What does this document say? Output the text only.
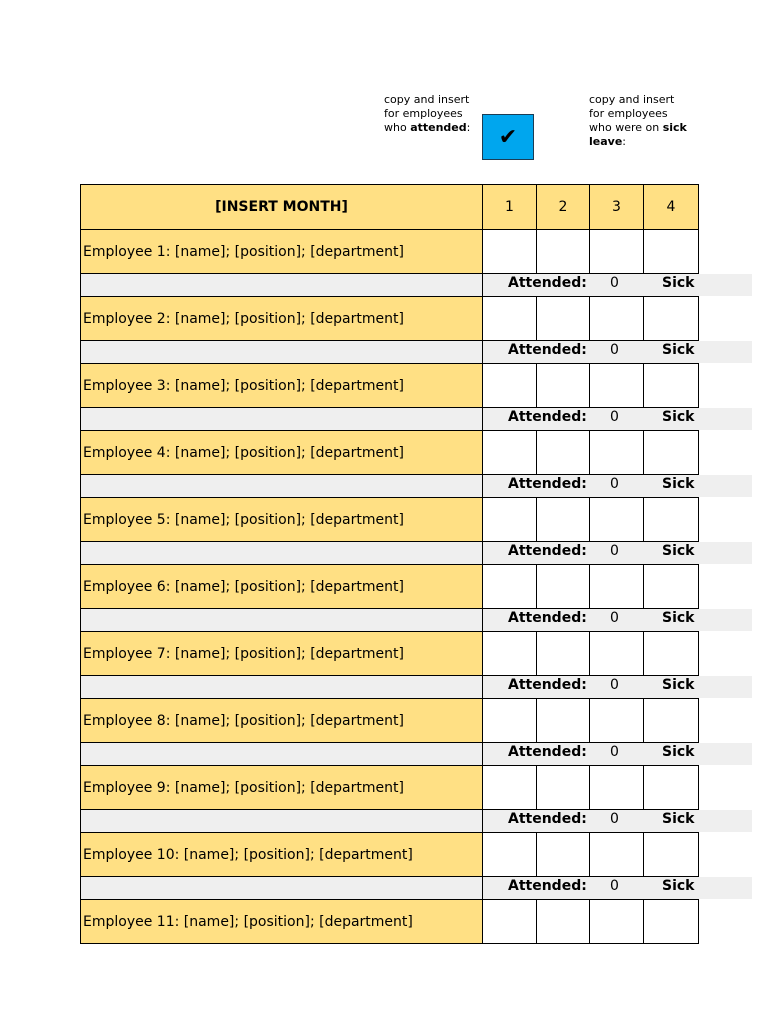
copy and insert for employees who attended:	✔
copy and insert for employees who were on sick leave:
[INSERT MONTH]	1	2	3	4
Employee 1: [name]; [position]; [department]
Attended: 0	Sick
Employee 2: [name]; [position]; [department]
Attended: 0	Sick
Employee 3: [name]; [position]; [department]
Attended: 0	Sick
Employee 4: [name]; [position]; [department]
Attended: 0	Sick
Employee 5: [name]; [position]; [department]
Attended: 0	Sick
Employee 6: [name]; [position]; [department]
Attended: 0	Sick
Employee 7: [name]; [position]; [department]
Attended: 0	Sick
Employee 8: [name]; [position]; [department]
Attended: 0	Sick
Employee 9: [name]; [position]; [department]
Attended: 0	Sick
Employee 10: [name]; [position]; [department]
Attended: 0	Sick
Employee 11: [name]; [position]; [department]
